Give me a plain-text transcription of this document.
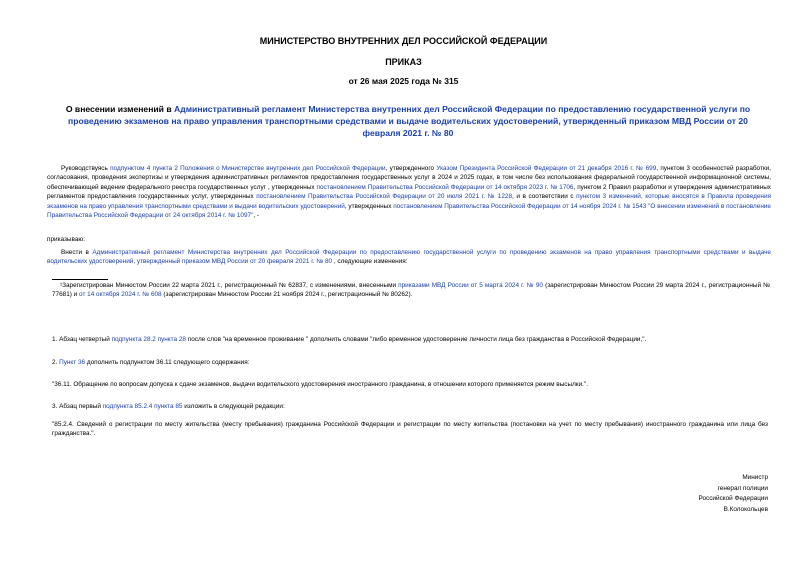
МИНИСТЕРСТВО ВНУТРЕННИХ ДЕЛ РОССИЙСКОЙ ФЕДЕРАЦИИ
ПРИКАЗ
от 26 мая 2025 года № 315
О внесении изменений в Административный регламент Министерства внутренних дел Российской Федерации по предоставлению государственной услуги по проведению экзаменов на право управления транспортными средствами и выдаче водительских удостоверений, утвержденный приказом МВД России от 20 февраля 2021 г. № 80
Руководствуясь подпунктом 4 пункта 2 Положения о Министерстве внутренних дел Российской Федерации, утвержденного Указом Президента Российской Федерации от 21 декабря 2016 г. № 699, пунктом 3 особенностей разработки, согласования, проведения экспертизы и утверждения административных регламентов предоставления государственных услуг в 2024 и 2025 годах, в том числе без использования федеральной государственной информационной системы, обеспечивающей ведение федерального реестра государственных услуг , утвержденных постановлением Правительства Российской Федерации от 14 октября 2023 г. № 1706, пунктом 2 Правил разработки и утверждения административных регламентов предоставления государственных услуг, утвержденных постановлением Правительства Российской Федерации от 20 июля 2021 г. № 1228, и в соответствии с пунктом 3 изменений, которые вносятся в Правила проведения экзаменов на право управления транспортными средствами и выдачи водительских удостоверений, утвержденных постановлением Правительства Российской Федерации от 14 ноября 2024 г. № 1543 "О внесении изменений в постановление Правительства Российской Федерации от 24 октября 2014 г. № 1097", -
приказываю:
Внести в Административный регламент Министерства внутренних дел Российской Федерации по предоставлению государственной услуги по проведению экзаменов на право управления транспортными средствами и выдаче водительских удостоверений, утвержденный приказом МВД России от 20 февраля 2021 г. № 80 , следующие изменения:
¹Зарегистрирован Минюстом России 22 марта 2021 г., регистрационный № 62837, с изменениями, внесенными приказами МВД России от 5 марта 2024 г. № 90 (зарегистрирован Минюстом России 29 марта 2024 г., регистрационный № 77681) и от 14 октября 2024 г. № 608 (зарегистрирован Минюстом России 21 ноября 2024 г., регистрационный № 80262).
1. Абзац четвертый подпункта 28.2 пункта 28 после слов "на временное проживание " дополнить словами "либо временное удостоверение личности лица без гражданства в Российской Федерации,".
2. Пункт 36 дополнить подпунктом 36.11 следующего содержания:
"36.11. Обращение по вопросам допуска к сдаче экзаменов, выдачи водительского удостоверения иностранного гражданина, в отношении которого применяется режим высылки.".
3. Абзац первый подпункта 85.2.4 пункта 85 изложить в следующей редакции:
"85.2.4. Сведений о регистрации по месту жительства (месту пребывания) гражданина Российской Федерации и регистрации по месту жительства (постановки на учет по месту пребывания) иностранного гражданина или лица без гражданства.".
Министр
генерал полиции
Российской Федерации
В.Колокольцев
